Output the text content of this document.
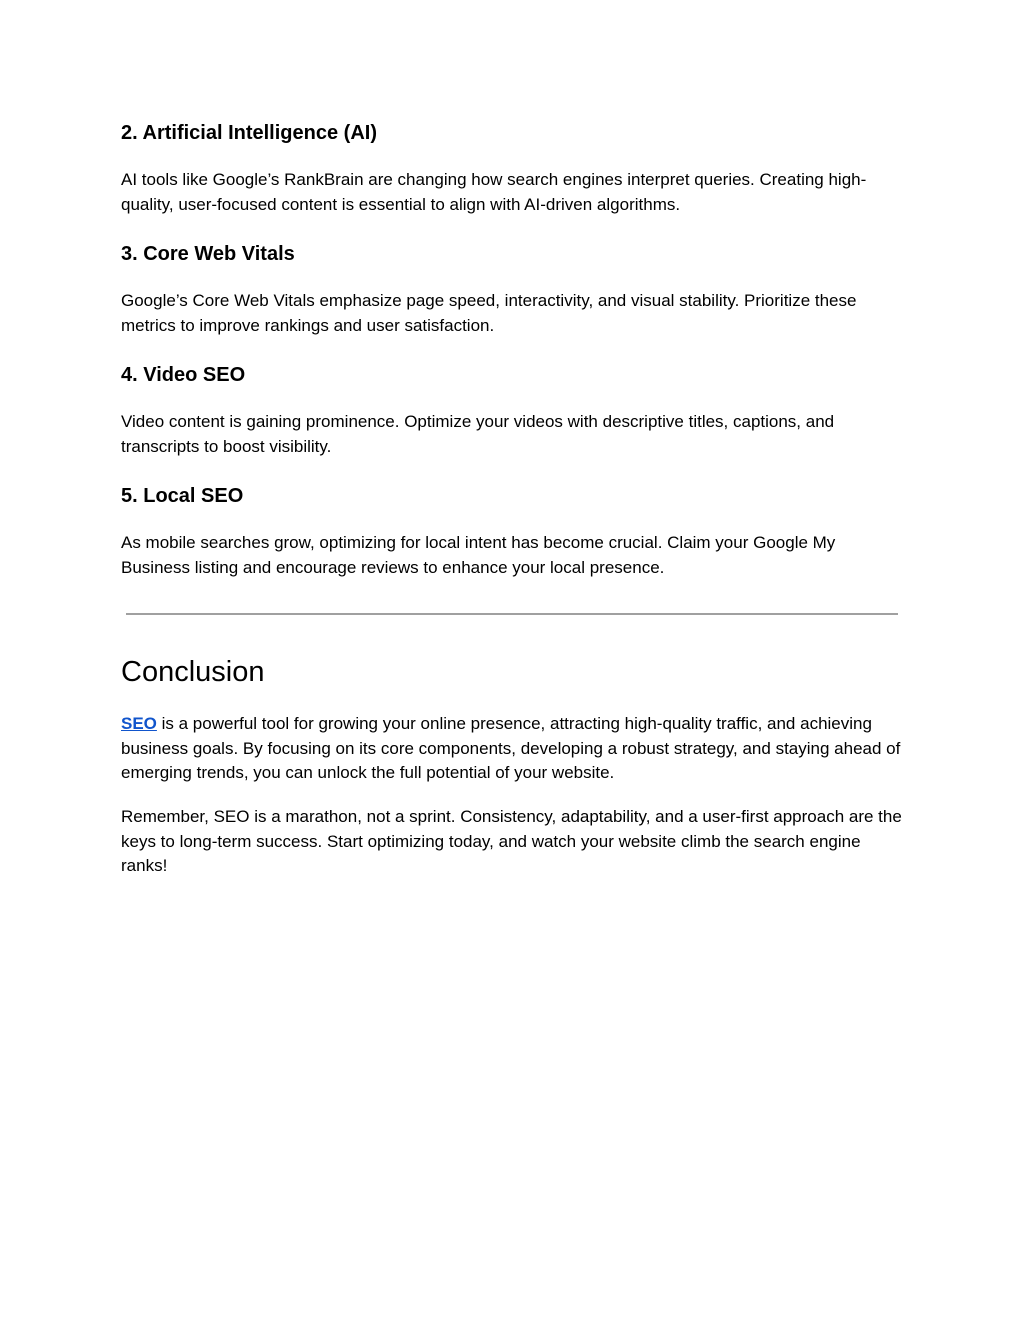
2. Artificial Intelligence (AI)

AI tools like Google’s RankBrain are changing how search engines interpret queries. Creating high-quality, user-focused content is essential to align with AI-driven algorithms.

3. Core Web Vitals

Google’s Core Web Vitals emphasize page speed, interactivity, and visual stability. Prioritize these metrics to improve rankings and user satisfaction.

4. Video SEO

Video content is gaining prominence. Optimize your videos with descriptive titles, captions, and transcripts to boost visibility.

5. Local SEO

As mobile searches grow, optimizing for local intent has become crucial. Claim your Google My Business listing and encourage reviews to enhance your local presence.

Conclusion

SEO is a powerful tool for growing your online presence, attracting high-quality traffic, and achieving business goals. By focusing on its core components, developing a robust strategy, and staying ahead of emerging trends, you can unlock the full potential of your website.

Remember, SEO is a marathon, not a sprint. Consistency, adaptability, and a user-first approach are the keys to long-term success. Start optimizing today, and watch your website climb the search engine ranks!
